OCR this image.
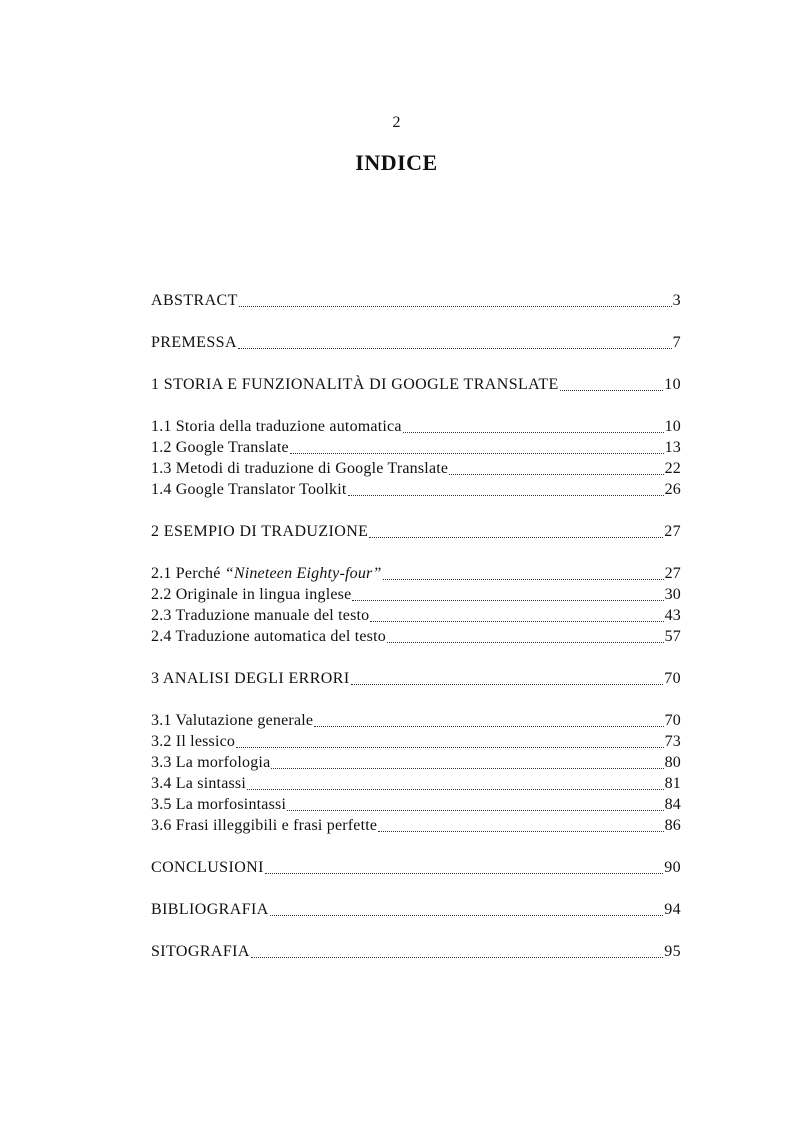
2
INDICE
ABSTRACT	3
PREMESSA	7
1 STORIA E FUNZIONALITÀ DI GOOGLE TRANSLATE	10
1.1 Storia della traduzione automatica	10
1.2 Google Translate	13
1.3 Metodi di traduzione di Google Translate	22
1.4 Google Translator Toolkit	26
2 ESEMPIO DI TRADUZIONE	27
2.1 Perché “Nineteen Eighty-four”	27
2.2 Originale in lingua inglese	30
2.3 Traduzione manuale del testo	43
2.4 Traduzione automatica del testo	57
3 ANALISI DEGLI ERRORI	70
3.1 Valutazione generale	70
3.2 Il lessico	73
3.3 La morfologia	80
3.4 La sintassi	81
3.5 La morfosintassi	84
3.6 Frasi illeggibili e frasi perfette	86
CONCLUSIONI	90
BIBLIOGRAFIA	94
SITOGRAFIA	95
